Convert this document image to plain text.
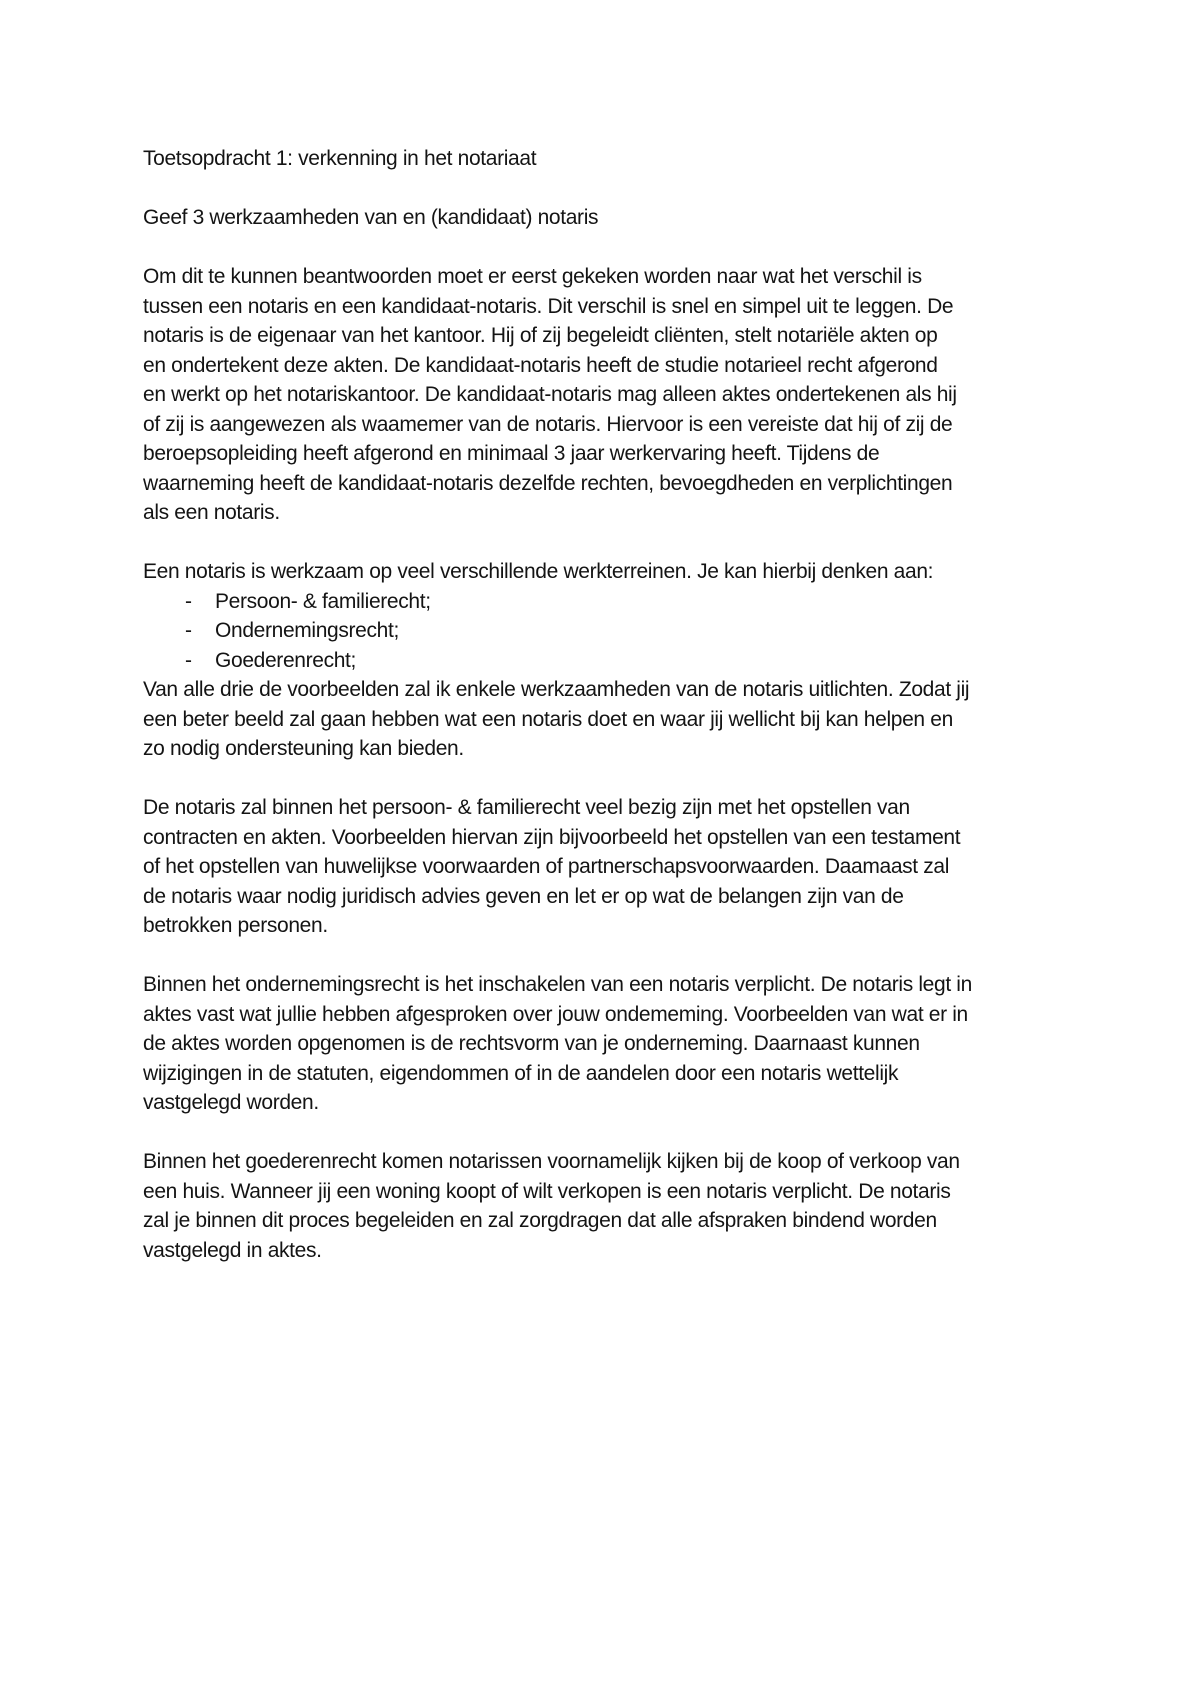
Toetsopdracht 1: verkenning in het notariaat

Geef 3 werkzaamheden van en (kandidaat) notaris

Om dit te kunnen beantwoorden moet er eerst gekeken worden naar wat het verschil is

tussen een notaris en een kandidaat-notaris. Dit verschil is snel en simpel uit te leggen. De

notaris is de eigenaar van het kantoor. Hij of zij begeleidt cliënten, stelt notariële akten op

en ondertekent deze akten. De kandidaat-notaris heeft de studie notarieel recht afgerond

en werkt op het notariskantoor. De kandidaat-notaris mag alleen aktes ondertekenen als hij

of zij is aangewezen als waamemer van de notaris. Hiervoor is een vereiste dat hij of zij de

beroepsopleiding heeft afgerond en minimaal 3 jaar werkervaring heeft. Tijdens de

waarneming heeft de kandidaat-notaris dezelfde rechten, bevoegdheden en verplichtingen

als een notaris.

Een notaris is werkzaam op veel verschillende werkterreinen. Je kan hierbij denken aan:

- Persoon- & familierecht;
- Ondernemingsrecht;
- Goederenrecht;

Van alle drie de voorbeelden zal ik enkele werkzaamheden van de notaris uitlichten. Zodat jij

een beter beeld zal gaan hebben wat een notaris doet en waar jij wellicht bij kan helpen en

zo nodig ondersteuning kan bieden.

De notaris zal binnen het persoon- & familierecht veel bezig zijn met het opstellen van

contracten en akten. Voorbeelden hiervan zijn bijvoorbeeld het opstellen van een testament

of het opstellen van huwelijkse voorwaarden of partnerschapsvoorwaarden. Daamaast zal

de notaris waar nodig juridisch advies geven en let er op wat de belangen zijn van de

betrokken personen.

Binnen het ondernemingsrecht is het inschakelen van een notaris verplicht. De notaris legt in

aktes vast wat jullie hebben afgesproken over jouw ondememing. Voorbeelden van wat er in

de aktes worden opgenomen is de rechtsvorm van je onderneming. Daarnaast kunnen

wijzigingen in de statuten, eigendommen of in de aandelen door een notaris wettelijk

vastgelegd worden.

Binnen het goederenrecht komen notarissen voornamelijk kijken bij de koop of verkoop van

een huis. Wanneer jij een woning koopt of wilt verkopen is een notaris verplicht. De notaris

zal je binnen dit proces begeleiden en zal zorgdragen dat alle afspraken bindend worden

vastgelegd in aktes.
